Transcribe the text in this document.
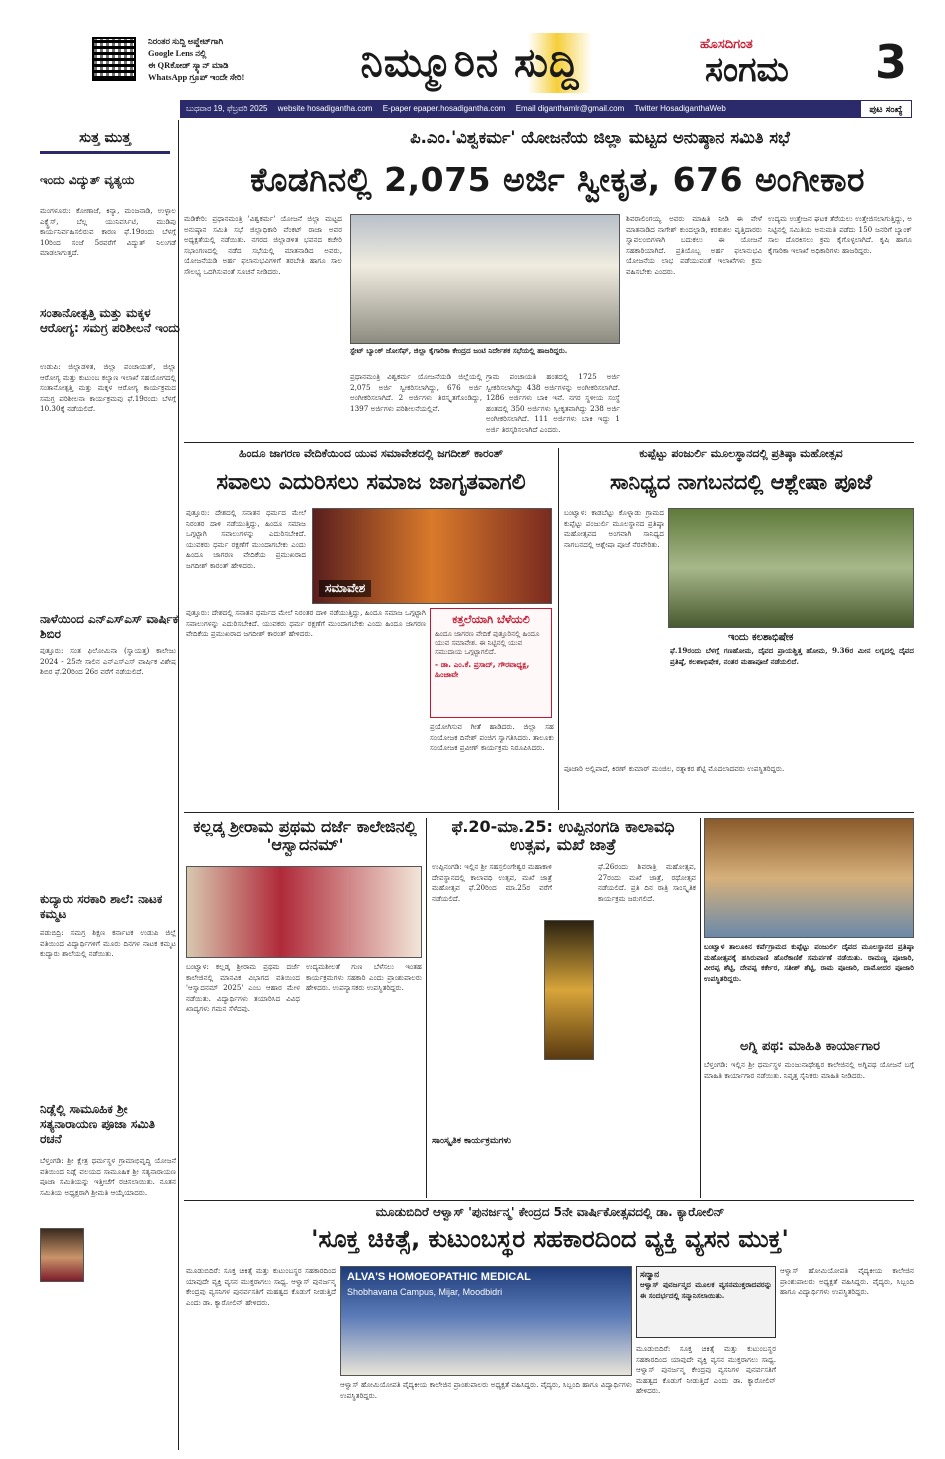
ನಿರಂತರ ಸುದ್ದಿ ಅಪ್ಡೇಟ್‌ಗಾಗಿ
Google Lens ನಲ್ಲಿ
ಈ QRಕೋಡ್ ಸ್ಕ್ಯಾನ್ ಮಾಡಿ
WhatsApp ಗ್ರೂಪ್ ಇಂದೇ ಸೇರಿ!	ನಿಮ್ಮೂರಿನ ಸುದ್ದಿ	ಹೊಸದಿಗಂತ
ಸಂಗಮ 3
ಬುಧವಾರ 19, ಫೆಬ್ರವರಿ 2025 website hosadigantha.com E-paper epaper.hosadigantha.com Email diganthamlr@gmail.com Twitter HosadiganthaWeb	ಪುಟ ಸಂಖ್ಯೆ
ಸುತ್ತ ಮುತ್ತ
ಇಂದು ವಿದ್ಯುತ್ ವ್ಯತ್ಯಯ
ಮಂಗಳೂರು: ಕೋಣಾಜೆ, ಕಿನ್ಯಾ, ಮಂಜನಾಡಿ, ಉಳ್ಳಾಲ ಎಕ್ಸ್ಪ್ರೆಸ್, ಬೆಲ್ಲ ಯುನಿವರ್ಸಿಟಿ, ಮುಡಿಪು ಕಾರ್ಯನಿರ್ವಹಿಸಲಿರುವ ಕಾರಣ ಫೆ.19ರಂದು ಬೆಳಗ್ಗೆ 10ರಿಂದ ಸಂಜೆ 5ರವರೆಗೆ ವಿದ್ಯುತ್ ನಿಲುಗಡೆ ಮಾಡಲಾಗುತ್ತದೆ.
ಸಂತಾನೋತ್ಪತ್ತಿ ಮತ್ತು ಮಕ್ಕಳ ಆರೋಗ್ಯ: ಸಮಗ್ರ ಪರಿಶೀಲನೆ ಇಂದು
ಉಡುಪಿ: ಜಿಲ್ಲಾಡಳಿತ, ಜಿಲ್ಲಾ ಪಂಚಾಯತ್, ಜಿಲ್ಲಾ ಆರೋಗ್ಯ ಮತ್ತು ಕುಟುಂಬ ಕಲ್ಯಾಣ ಇಲಾಖೆ ಸಹಯೋಗದಲ್ಲಿ ಸಂತಾನೋತ್ಪತ್ತಿ ಮತ್ತು ಮಕ್ಕಳ ಆರೋಗ್ಯ ಕಾರ್ಯಕ್ರಮದ ಸಮಗ್ರ ಪರಿಶೀಲನಾ ಕಾರ್ಯಕ್ರಮವು ಫೆ.19ರಂದು ಬೆಳಗ್ಗೆ 10.30ಕ್ಕೆ ನಡೆಯಲಿದೆ.
ನಾಳೆಯಿಂದ ಎನ್ಎಸ್ಎಸ್ ವಾರ್ಷಿಕ ಶಿಬಿರ
ಪುತ್ತೂರು: ಸಂತ ಫಿಲೋಮಿನಾ (ಸ್ವಾಯತ್ತ) ಕಾಲೇಜು 2024 - 25ನೇ ಸಾಲಿನ ಎನ್ಎಸ್ಎಸ್ ವಾರ್ಷಿಕ ವಿಶೇಷ ಶಿಬಿರ ಫೆ.20ರಿಂದ 26ರ ವರೆಗೆ ನಡೆಯಲಿದೆ.
ಕುದ್ಯಾರು ಸರಕಾರಿ ಶಾಲೆ: ನಾಟಕ ಕಮ್ಮಟ
ಪಡುಬಿದ್ರಿ: ಸಮಗ್ರ ಶಿಕ್ಷಣ ಕರ್ನಾಟಕ ಉಡುಪಿ ಜಿಲ್ಲೆ ವತಿಯಿಂದ ವಿದ್ಯಾರ್ಥಿಗಳಿಗೆ ಮೂರು ದಿನಗಳ ನಾಟಕ ಕಮ್ಮಟ ಕುದ್ಯಾರು ಶಾಲೆಯಲ್ಲಿ ನಡೆಯಿತು.
ನಿಡ್ಲೆಲ್ಲಿ ಸಾಮೂಹಿಕ ಶ್ರೀ ಸತ್ಯನಾರಾಯಣ ಪೂಜಾ ಸಮಿತಿ ರಚನೆ
ಬೆಳ್ತಂಗಡಿ: ಶ್ರೀ ಕ್ಷೇತ್ರ ಧರ್ಮಸ್ಥಳ ಗ್ರಾಮಾಭಿವೃದ್ಧಿ ಯೋಜನೆ ವತಿಯಿಂದ ನಿಡ್ಲೆ ವಲಯದ ಸಾಮೂಹಿಕ ಶ್ರೀ ಸತ್ಯನಾರಾಯಣ ಪೂಜಾ ಸಮಿತಿಯನ್ನು ಇತ್ತೀಚೆಗೆ ರಚಿಸಲಾಯಿತು. ನೂತನ ಸಮಿತಿಯ ಅಧ್ಯಕ್ಷರಾಗಿ ಶ್ರೀಮತಿ ಆಯ್ಕೆಯಾದರು.
ಪಿ.ಎಂ.'ವಿಶ್ವಕರ್ಮ' ಯೋಜನೆಯ ಜಿಲ್ಲಾ ಮಟ್ಟದ ಅನುಷ್ಠಾನ ಸಮಿತಿ ಸಭೆ
ಕೊಡಗಿನಲ್ಲಿ 2,075 ಅರ್ಜಿ ಸ್ವೀಕೃತ, 676 ಅಂಗೀಕಾರ
ಮಡಿಕೇರಿ: ಪ್ರಧಾನಮಂತ್ರಿ 'ವಿಶ್ವಕರ್ಮ' ಯೋಜನೆ ಜಿಲ್ಲಾ ಮಟ್ಟದ ಅನುಷ್ಠಾನ ಸಮಿತಿ ಸಭೆ ಜಿಲ್ಲಾಧಿಕಾರಿ ವೆಂಕಟ್ ರಾಜಾ ಅವರ ಅಧ್ಯಕ್ಷತೆಯಲ್ಲಿ ನಡೆಯಿತು. ನಗರದ ಜಿಲ್ಲಾಡಳಿತ ಭವನದ ಕಚೇರಿ ಸಭಾಂಗಣದಲ್ಲಿ ನಡೆದ ಸಭೆಯಲ್ಲಿ ಮಾತನಾಡಿದ ಅವರು, ಯೋಜನೆಯಡಿ ಅರ್ಹ ಫಲಾನುಭವಿಗಳಿಗೆ ತರಬೇತಿ ಹಾಗೂ ಸಾಲ ಸೌಲಭ್ಯ ಒದಗಿಸುವಂತೆ ಸೂಚನೆ ನೀಡಿದರು.
ಸ್ಟೇಟ್ ಬ್ಯಾಂಕ್ ಜೋಸೆಫ್, ಜಿಲ್ಲಾ ಕೈಗಾರಿಕಾ ಕೇಂದ್ರದ ಜಂಟಿ ನಿರ್ದೇಶಕ ಸಭೆಯಲ್ಲಿ ಹಾಜರಿದ್ದರು.
ಪ್ರಧಾನಮಂತ್ರಿ ವಿಶ್ವಕರ್ಮ ಯೋಜನೆಯಡಿ ಜಿಲ್ಲೆಯಲ್ಲಿ 2,075 ಅರ್ಜಿ ಸ್ವೀಕರಿಸಲಾಗಿದ್ದು, 676 ಅರ್ಜಿ ಅಂಗೀಕರಿಸಲಾಗಿದೆ. 2 ಅರ್ಜಿಗಳು ತಿರಸ್ಕೃತಗೊಂಡಿದ್ದು, 1397 ಅರ್ಜಿಗಳು ಪರಿಶೀಲನೆಯಲ್ಲಿವೆ.
ಗ್ರಾಮ ಪಂಚಾಯತಿ ಹಂತದಲ್ಲಿ 1725 ಅರ್ಜಿ ಸ್ವೀಕರಿಸಲಾಗಿದ್ದು 438 ಅರ್ಜಿಗಳನ್ನು ಅಂಗೀಕರಿಸಲಾಗಿದೆ. 1286 ಅರ್ಜಿಗಳು ಬಾಕಿ ಇವೆ. ನಗರ ಸ್ಥಳೀಯ ಸಂಸ್ಥೆ ಹಂತದಲ್ಲಿ 350 ಅರ್ಜಿಗಳು ಸ್ವೀಕೃತವಾಗಿದ್ದು 238 ಅರ್ಜಿ ಅಂಗೀಕರಿಸಲಾಗಿದೆ. 111 ಅರ್ಜಿಗಳು ಬಾಕಿ ಇದ್ದು 1 ಅರ್ಜಿ ತಿರಸ್ಕರಿಸಲಾಗಿದೆ ಎಂದರು.
ಶಿವರಾಲಿಂಗಯ್ಯ ಅವರು ಮಾಹಿತಿ ನೀಡಿ ಈ ವೇಳೆ ಮಾತನಾಡಿದ ನಾಗೇಶ್ ಕುಂದಲ್ಪಾಡಿ, ಕರಕುಶಲ ವೃತ್ತಿದಾರರು ಸ್ವಾವಲಂಬಿಗಳಾಗಿ ಬದುಕಲು ಈ ಯೋಜನೆ ಸಹಕಾರಿಯಾಗಿದೆ. ಪ್ರತಿಯೊಬ್ಬ ಅರ್ಹ ಫಲಾನುಭವಿ ಯೋಜನೆಯ ಲಾಭ ಪಡೆಯುವಂತೆ ಇಲಾಖೆಗಳು ಕ್ರಮ ವಹಿಸಬೇಕು ಎಂದರು.
ಉದ್ಯಮ ಉತ್ತೇಜನ ಘಟಕ ತೆರೆಯಲು ಉತ್ತೇಜಿಸಲಾಗುತ್ತಿದ್ದು, ಅ ನಿಟ್ಟಿನಲ್ಲಿ ಸಮಿತಿಯ ಅನುಮತಿ ಪಡೆದು 150 ಜನರಿಗೆ ಬ್ಯಾಂಕ್ ಸಾಲ ದೊರಕಿಸಲು ಕ್ರಮ ಕೈಗೊಳ್ಳಲಾಗಿದೆ. ಕೃಷಿ ಹಾಗೂ ಕೈಗಾರಿಕಾ ಇಲಾಖೆ ಅಧಿಕಾರಿಗಳು ಹಾಜರಿದ್ದರು.
ಹಿಂದೂ ಜಾಗರಣ ವೇದಿಕೆಯಿಂದ ಯುವ ಸಮಾವೇಶದಲ್ಲಿ ಜಗದೀಶ್ ಕಾರಂತ್
ಸವಾಲು ಎದುರಿಸಲು ಸಮಾಜ ಜಾಗೃತವಾಗಲಿ
ಪುತ್ತೂರು: ದೇಶದಲ್ಲಿ ಸನಾತನ ಧರ್ಮದ ಮೇಲೆ ನಿರಂತರ ದಾಳಿ ನಡೆಯುತ್ತಿದ್ದು, ಹಿಂದೂ ಸಮಾಜ ಒಗ್ಗಟ್ಟಾಗಿ ಸವಾಲುಗಳನ್ನು ಎದುರಿಸಬೇಕಿದೆ. ಯುವಕರು ಧರ್ಮ ರಕ್ಷಣೆಗೆ ಮುಂದಾಗಬೇಕು ಎಂದು ಹಿಂದೂ ಜಾಗರಣ ವೇದಿಕೆಯ ಪ್ರಮುಖರಾದ ಜಗದೀಶ್ ಕಾರಂತ್ ಹೇಳಿದರು.
ಸಮಾವೇಶ
ಪುತ್ತೂರು: ದೇಶದಲ್ಲಿ ಸನಾತನ ಧರ್ಮದ ಮೇಲೆ ನಿರಂತರ ದಾಳಿ ನಡೆಯುತ್ತಿದ್ದು, ಹಿಂದೂ ಸಮಾಜ ಒಗ್ಗಟ್ಟಾಗಿ ಸವಾಲುಗಳನ್ನು ಎದುರಿಸಬೇಕಿದೆ. ಯುವಕರು ಧರ್ಮ ರಕ್ಷಣೆಗೆ ಮುಂದಾಗಬೇಕು ಎಂದು ಹಿಂದೂ ಜಾಗರಣ ವೇದಿಕೆಯ ಪ್ರಮುಖರಾದ ಜಗದೀಶ್ ಕಾರಂತ್ ಹೇಳಿದರು.
ಕತ್ತಲೆಯಾಗಿ ಬೆಳೆಯಲಿ
ಹಿಂದೂ ಜಾಗರಣ ವೇದಿಕೆ ಪುತ್ತೂರಿನಲ್ಲಿ ಹಿಂದೂ ಯುವ ಸಮಾವೇಶ. ಈ ನಿಟ್ಟಿನಲ್ಲಿ ಯುವ ಸಮುದಾಯ ಒಗ್ಗಟ್ಟಾಗಲಿದೆ.
- ಡಾ. ಎಂ.ಕೆ. ಪ್ರಸಾದ್, ಗೌರವಾಧ್ಯಕ್ಷ, ಹಿಂಜಾವೇ
ಪ್ರಯೋಗಿಸುವ ಗೀತೆ ಹಾಡಿದರು. ಜಿಲ್ಲಾ ಸಹ ಸಂಯೋಜಕ ದಿನೇಶ್ ಪಂಜಿಗ ಸ್ವಾಗತಿಸಿದರು. ತಾಲೂಕು ಸಂಯೋಜಕ ಪ್ರವೀಣ್ ಕಾರ್ಯಕ್ರಮ ನಿರೂಪಿಸಿದರು.
ಕುಪ್ಪೆಟ್ಟು ಪಂಜುರ್ಲಿ ಮೂಲಸ್ಥಾನದಲ್ಲಿ ಪ್ರತಿಷ್ಠಾ ಮಹೋತ್ಸವ
ಸಾನಿಧ್ಯದ ನಾಗಬನದಲ್ಲಿ ಆಶ್ಲೇಷಾ ಪೂಜೆ
ಬಂಟ್ವಾಳ: ಕಾಡಬೆಟ್ಟು ಕೊಳ್ನಾಡು ಗ್ರಾಮದ ಕುಪ್ಪೆಟ್ಟು ಪಂಜುರ್ಲಿ ಮೂಲಸ್ಥಾನದ ಪ್ರತಿಷ್ಠಾ ಮಹೋತ್ಸವದ ಅಂಗವಾಗಿ ಸಾನಿಧ್ಯದ ನಾಗಬನದಲ್ಲಿ ಆಶ್ಲೇಷಾ ಪೂಜೆ ನೆರವೇರಿತು.
ಇಂದು ಕಲಶಾಭಿಷೇಕ
ಫೆ.19ರಂದು ಬೆಳಗ್ಗೆ ಗಣಹೋಮ, ದೈವದ ಪ್ರಾಯಶ್ಚಿತ್ತ ಹೋಮ, 9.36ರ ಮೀನ ಲಗ್ನದಲ್ಲಿ ದೈವದ ಪ್ರತಿಷ್ಠೆ, ಕಲಶಾಭಿಷೇಕ, ನಂತರ ಮಹಾಪೂಜೆ ನಡೆಯಲಿದೆ.
ಪೂಜಾರಿ ಅಲ್ಲಿಪಾದೆ, ಕಿರಣ್ ಕುಮಾರ್ ಮಂಜಿಲ, ರತ್ನಾಕರ ಶೆಟ್ಟಿ ಮೊದಲಾದವರು ಉಪಸ್ಥಿತರಿದ್ದರು.
ಕಲ್ಲಡ್ಕ ಶ್ರೀರಾಮ ಪ್ರಥಮ ದರ್ಜೆ ಕಾಲೇಜಿನಲ್ಲಿ 'ಆಸ್ವಾದನಮ್'
ಬಂಟ್ವಾಳ: ಕಲ್ಲಡ್ಕ ಶ್ರೀರಾಮ ಪ್ರಥಮ ದರ್ಜೆ ಕಾಲೇಜಿನಲ್ಲಿ ಮಾನವಿಕ ವಿಭಾಗದ ವತಿಯಿಂದ 'ಆಸ್ವಾದನಮ್ 2025' ಎಂಬ ಆಹಾರ ಮೇಳ ನಡೆಯಿತು. ವಿದ್ಯಾರ್ಥಿಗಳು ತಯಾರಿಸಿದ ವಿವಿಧ ಖಾದ್ಯಗಳು ಗಮನ ಸೆಳೆದವು.
ಉದ್ಯಮಶೀಲತೆ ಗುಣ ಬೆಳೆಸಲು ಇಂತಹ ಕಾರ್ಯಕ್ರಮಗಳು ಸಹಕಾರಿ ಎಂದು ಪ್ರಾಂಶುಪಾಲರು ಹೇಳಿದರು. ಉಪನ್ಯಾಸಕರು ಉಪಸ್ಥಿತರಿದ್ದರು.
ಫೆ.20-ಮಾ.25: ಉಪ್ಪಿನಂಗಡಿ ಕಾಲಾವಧಿ ಉತ್ಸವ, ಮಖೆ ಜಾತ್ರೆ
ಉಪ್ಪಿನಂಗಡಿ: ಇಲ್ಲಿನ ಶ್ರೀ ಸಹಸ್ರಲಿಂಗೇಶ್ವರ ಮಹಾಕಾಳಿ ದೇವಸ್ಥಾನದಲ್ಲಿ ಕಾಲಾವಧಿ ಉತ್ಸವ, ಮಖೆ ಜಾತ್ರೆ ಮಹೋತ್ಸವ ಫೆ.20ರಿಂದ ಮಾ.25ರ ವರೆಗೆ ನಡೆಯಲಿದೆ.
ಸಾಂಸ್ಕೃತಿಕ ಕಾರ್ಯಕ್ರಮಗಳು
ಫೆ.26ರಂದು ಶಿವರಾತ್ರಿ ಮಹೋತ್ಸವ, 27ರಂದು ಮಖೆ ಜಾತ್ರೆ, ರಥೋತ್ಸವ ನಡೆಯಲಿದೆ. ಪ್ರತಿ ದಿನ ರಾತ್ರಿ ಸಾಂಸ್ಕೃತಿಕ ಕಾರ್ಯಕ್ರಮ ಜರುಗಲಿದೆ.
ಬಂಟ್ವಾಳ ತಾಲೂಕಿನ ಕರ್ಪೆಗ್ರಾಮದ ಕುಪ್ಪೆಟ್ಟು ಪಂಜುರ್ಲಿ ದೈವದ ಮೂಲಸ್ಥಾನದ ಪ್ರತಿಷ್ಠಾ ಮಹೋತ್ಸವಕ್ಕೆ ಹಸಿರುವಾಣಿ ಹೊರೆಕಾಣಿಕೆ ಸಮರ್ಪಣೆ ನಡೆಯಿತು. ರಾಮಣ್ಣ ಪೂಜಾರಿ, ವೀರಪ್ಪ ಶೆಟ್ಟಿ, ದೇವಪ್ಪ ಕರ್ಕೇರ, ಸತೀಶ್ ಶೆಟ್ಟಿ, ರಾಮ ಪೂಜಾರಿ, ದಾಮೋದರ ಪೂಜಾರಿ ಉಪಸ್ಥಿತರಿದ್ದರು.
ಅಗ್ನಿ ಪಥ: ಮಾಹಿತಿ ಕಾರ್ಯಾಗಾರ
ಬೆಳ್ತಂಗಡಿ: ಇಲ್ಲಿನ ಶ್ರೀ ಧರ್ಮಸ್ಥಳ ಮಂಜುನಾಥೇಶ್ವರ ಕಾಲೇಜಿನಲ್ಲಿ ಅಗ್ನಿಪಥ ಯೋಜನೆ ಬಗ್ಗೆ ಮಾಹಿತಿ ಕಾರ್ಯಾಗಾರ ನಡೆಯಿತು. ನಿವೃತ್ತ ಸೈನಿಕರು ಮಾಹಿತಿ ನೀಡಿದರು.
ಮೂಡುಬಿದಿರೆ ಆಳ್ವಾಸ್ 'ಪುನರ್ಜನ್ಮ' ಕೇಂದ್ರದ 5ನೇ ವಾರ್ಷಿಕೋತ್ಸವದಲ್ಲಿ ಡಾ. ಕ್ಯಾರೋಲಿನ್
'ಸೂಕ್ತ ಚಿಕಿತ್ಸೆ, ಕುಟುಂಬಸ್ಥರ ಸಹಕಾರದಿಂದ ವ್ಯಕ್ತಿ ವ್ಯಸನ ಮುಕ್ತ'
ಮೂಡುಬಿದಿರೆ: ಸೂಕ್ತ ಚಿಕಿತ್ಸೆ ಮತ್ತು ಕುಟುಂಬಸ್ಥರ ಸಹಕಾರದಿಂದ ಯಾವುದೇ ವ್ಯಕ್ತಿ ವ್ಯಸನ ಮುಕ್ತರಾಗಲು ಸಾಧ್ಯ. ಆಳ್ವಾಸ್ ಪುನರ್ಜನ್ಮ ಕೇಂದ್ರವು ವ್ಯಸನಿಗಳ ಪುನರ್ವಸತಿಗೆ ಮಹತ್ವದ ಕೊಡುಗೆ ನೀಡುತ್ತಿದೆ ಎಂದು ಡಾ. ಕ್ಯಾರೋಲಿನ್ ಹೇಳಿದರು.
ALVA'S HOMOEOPATHIC MEDICAL
Shobhavana Campus, Mijar, Moodbidri
ಆಳ್ವಾಸ್ ಹೋಮಿಯೋಪತಿ ವೈದ್ಯಕೀಯ ಕಾಲೇಜಿನ ಪ್ರಾಂಶುಪಾಲರು ಅಧ್ಯಕ್ಷತೆ ವಹಿಸಿದ್ದರು. ವೈದ್ಯರು, ಸಿಬ್ಬಂದಿ ಹಾಗೂ ವಿದ್ಯಾರ್ಥಿಗಳು ಉಪಸ್ಥಿತರಿದ್ದರು.
ಸನ್ಮಾನ
ಆಳ್ವಾಸ್ ಪುನರ್ಜನ್ಮದ ಮೂಲಕ ವ್ಯಸನಮುಕ್ತರಾದವರನ್ನು ಈ ಸಂದರ್ಭದಲ್ಲಿ ಸನ್ಮಾನಿಸಲಾಯಿತು.
ಮೂಡುಬಿದಿರೆ: ಸೂಕ್ತ ಚಿಕಿತ್ಸೆ ಮತ್ತು ಕುಟುಂಬಸ್ಥರ ಸಹಕಾರದಿಂದ ಯಾವುದೇ ವ್ಯಕ್ತಿ ವ್ಯಸನ ಮುಕ್ತರಾಗಲು ಸಾಧ್ಯ. ಆಳ್ವಾಸ್ ಪುನರ್ಜನ್ಮ ಕೇಂದ್ರವು ವ್ಯಸನಿಗಳ ಪುನರ್ವಸತಿಗೆ ಮಹತ್ವದ ಕೊಡುಗೆ ನೀಡುತ್ತಿದೆ ಎಂದು ಡಾ. ಕ್ಯಾರೋಲಿನ್ ಹೇಳಿದರು.
ಆಳ್ವಾಸ್ ಹೋಮಿಯೋಪತಿ ವೈದ್ಯಕೀಯ ಕಾಲೇಜಿನ ಪ್ರಾಂಶುಪಾಲರು ಅಧ್ಯಕ್ಷತೆ ವಹಿಸಿದ್ದರು. ವೈದ್ಯರು, ಸಿಬ್ಬಂದಿ ಹಾಗೂ ವಿದ್ಯಾರ್ಥಿಗಳು ಉಪಸ್ಥಿತರಿದ್ದರು.
